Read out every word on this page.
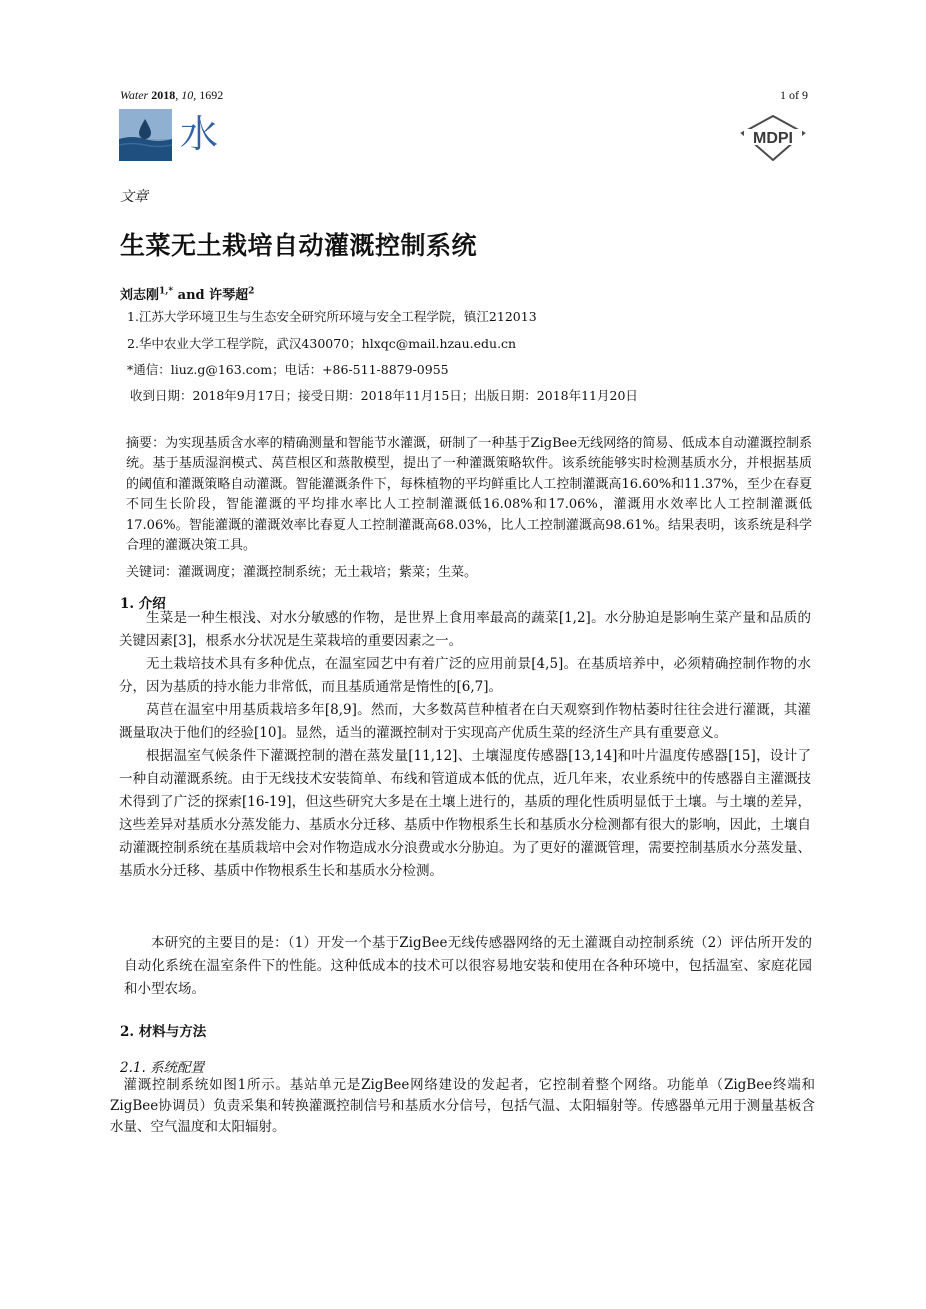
Water 2018, 10, 1692	1 of 9
水	MDPI
文章
生菜无土栽培自动灌溉控制系统
刘志刚$^{1,*}$ and 许琴超$^2$
1.江苏大学环境卫生与生态安全研究所环境与安全工程学院，镇江212013
2.华中农业大学工程学院，武汉430070；hlxqc@mail.hzau.edu.cn
*通信：liuz.g@163.com；电话：+86-511-8879-0955
收到日期：2018年9月17日；接受日期：2018年11月15日；出版日期：2018年11月20日
摘要：为实现基质含水率的精确测量和智能节水灌溉，研制了一种基于ZigBee无线网络的简易、低成本自动灌溉控制系统。基于基质湿润模式、莴苣根区和蒸散模型，提出了一种灌溉策略软件。该系统能够实时检测基质水分，并根据基质的阈值和灌溉策略自动灌溉。智能灌溉条件下，每株植物的平均鲜重比人工控制灌溉高16.60%和11.37%，至少在春夏不同生长阶段，智能灌溉的平均排水率比人工控制灌溉低16.08%和17.06%，灌溉用水效率比人工控制灌溉低17.06%。智能灌溉的灌溉效率比春夏人工控制灌溉高68.03%，比人工控制灌溉高98.61%。结果表明，该系统是科学合理的灌溉决策工具。
关键词：灌溉调度；灌溉控制系统；无土栽培；紫菜；生菜。
1. 介绍

生菜是一种生根浅、对水分敏感的作物，是世界上食用率最高的蔬菜[1,2]。水分胁迫是影响生菜产量和品质的关键因素[3]，根系水分状况是生菜栽培的重要因素之一。

无土栽培技术具有多种优点，在温室园艺中有着广泛的应用前景[4,5]。在基质培养中，必须精确控制作物的水分，因为基质的持水能力非常低，而且基质通常是惰性的[6,7]。

莴苣在温室中用基质栽培多年[8,9]。然而，大多数莴苣种植者在白天观察到作物枯萎时往往会进行灌溉，其灌溉量取决于他们的经验[10]。显然，适当的灌溉控制对于实现高产优质生菜的经济生产具有重要意义。

根据温室气候条件下灌溉控制的潜在蒸发量[11,12]、土壤湿度传感器[13,14]和叶片温度传感器[15]，设计了一种自动灌溉系统。由于无线技术安装简单、布线和管道成本低的优点，近几年来，农业系统中的传感器自主灌溉技术得到了广泛的探索[16-19]，但这些研究大多是在土壤上进行的，基质的理化性质明显低于土壤。与土壤的差异，这些差异对基质水分蒸发能力、基质水分迁移、基质中作物根系生长和基质水分检测都有很大的影响，因此，土壤自动灌溉控制系统在基质栽培中会对作物造成水分浪费或水分胁迫。为了更好的灌溉管理，需要控制基质水分蒸发量、基质水分迁移、基质中作物根系生长和基质水分检测。

本研究的主要目的是：（1）开发一个基于ZigBee无线传感器网络的无土灌溉自动控制系统（2）评估所开发的自动化系统在温室条件下的性能。这种低成本的技术可以很容易地安装和使用在各种环境中，包括温室、家庭花园和小型农场。

2. 材料与方法
2.1. 系统配置

灌溉控制系统如图1所示。基站单元是ZigBee网络建设的发起者，它控制着整个网络。功能单（ZigBee终端和ZigBee协调员）负责采集和转换灌溉控制信号和基质水分信号，包括气温、太阳辐射等。传感器单元用于测量基板含水量、空气温度和太阳辐射。
